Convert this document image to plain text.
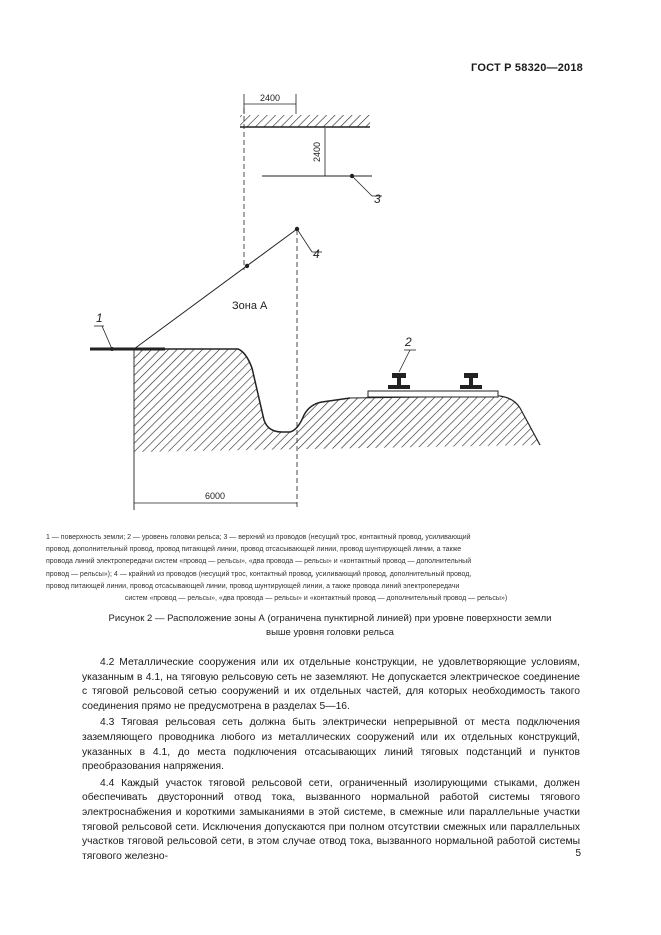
ГОСТ Р 58320—2018
2400
2400
3
4
Зона А
1
2
6000

1 — поверхность земли; 2 — уровень головки рельса; 3 — верхний из проводов (несущий трос, контактный провод, усиливающий

провод, дополнительный провод, провод питающей линии, провод отсасывающей линии, провод шунтирующей линии, а также

провода линий электропередачи систем «провод — рельсы», «два провода — рельсы» и «контактный провод — дополнительный

провод — рельсы»); 4 — крайний из проводов (несущий трос, контактный провод, усиливающий провод, дополнительный провод,

провод питающей линии, провод отсасывающей линии, провод шунтирующей линии, а также провода линий электропередачи

систем «провод — рельсы», «два провода — рельсы» и «контактный провод — дополнительный провод — рельсы»)

Рисунок 2 — Расположение зоны А (ограничена пунктирной линией) при уровне поверхности земли
выше уровня головки рельса

4.2 Металлические сооружения или их отдельные конструкции, не удовлетворяющие условиям, указанным в 4.1, на тяговую рельсовую сеть не заземляют. Не допускается электрическое соединение с тяговой рельсовой сетью сооружений и их отдельных частей, для которых необходимость такого соединения прямо не предусмотрена в разделах 5—16.

4.3 Тяговая рельсовая сеть должна быть электрически непрерывной от места подключения заземляющего проводника любого из металлических сооружений или их отдельных конструкций, указанных в 4.1, до места подключения отсасывающих линий тяговых подстанций и пунктов преобразования напряжения.

4.4 Каждый участок тяговой рельсовой сети, ограниченный изолирующими стыками, должен обеспечивать двусторонний отвод тока, вызванного нормальной работой системы тягового электроснабжения и короткими замыканиями в этой системе, в смежные или параллельные участки тяговой рельсовой сети. Исключения допускаются при полном отсутствии смежных или параллельных участков тяговой рельсовой сети, в этом случае отвод тока, вызванного нормальной работой системы тягового железно-	5
